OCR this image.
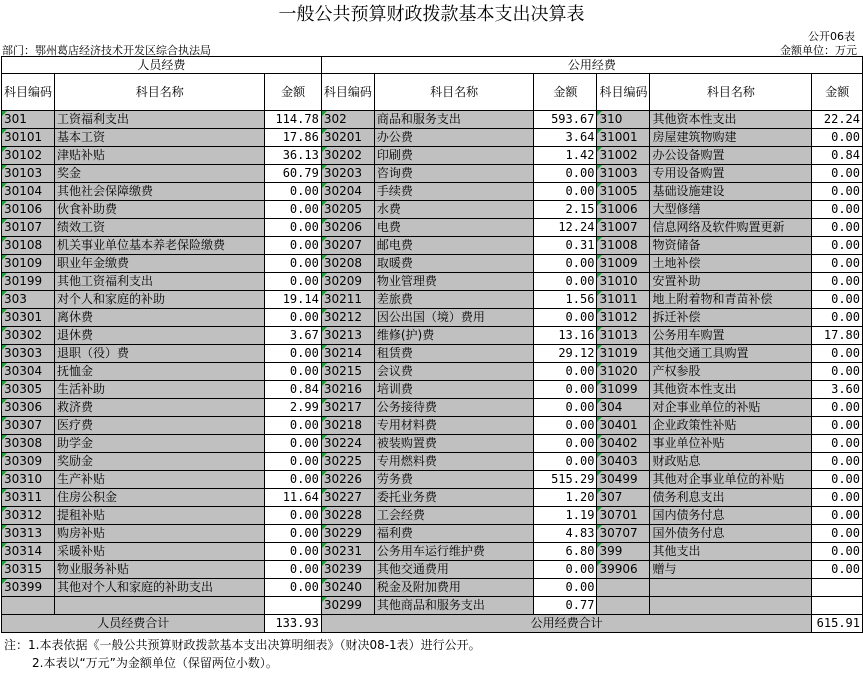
一般公共预算财政拨款基本支出决算表
公开06表
部门：鄂州葛店经济技术开发区综合执法局	金额单位：万元
人员经费			公用经费					
科目编码	科目名称	金额	科目编码	科目名称	金额	科目编码	科目名称	金额
301	工资福利支出	114.78	302	商品和服务支出	593.67	310	其他资本性支出	22.24
30101	基本工资	17.86	30201	办公费	3.64	31001	房屋建筑物购建	0.00
30102	津贴补贴	36.13	30202	印刷费	1.42	31002	办公设备购置	0.84
30103	奖金	60.79	30203	咨询费	0.00	31003	专用设备购置	0.00
30104	其他社会保障缴费	0.00	30204	手续费	0.00	31005	基础设施建设	0.00
30106	伙食补助费	0.00	30205	水费	2.15	31006	大型修缮	0.00
30107	绩效工资	0.00	30206	电费	12.24	31007	信息网络及软件购置更新	0.00
30108	机关事业单位基本养老保险缴费	0.00	30207	邮电费	0.31	31008	物资储备	0.00
30109	职业年金缴费	0.00	30208	取暖费	0.00	31009	土地补偿	0.00
30199	其他工资福利支出	0.00	30209	物业管理费	0.00	31010	安置补助	0.00
303	对个人和家庭的补助	19.14	30211	差旅费	1.56	31011	地上附着物和青苗补偿	0.00
30301	离休费	0.00	30212	因公出国（境）费用	0.00	31012	拆迁补偿	0.00
30302	退休费	3.67	30213	维修(护)费	13.16	31013	公务用车购置	17.80
30303	退职（役）费	0.00	30214	租赁费	29.12	31019	其他交通工具购置	0.00
30304	抚恤金	0.00	30215	会议费	0.00	31020	产权参股	0.00
30305	生活补助	0.84	30216	培训费	0.00	31099	其他资本性支出	3.60
30306	救济费	2.99	30217	公务接待费	0.00	304	对企事业单位的补贴	0.00
30307	医疗费	0.00	30218	专用材料费	0.00	30401	企业政策性补贴	0.00
30308	助学金	0.00	30224	被装购置费	0.00	30402	事业单位补贴	0.00
30309	奖励金	0.00	30225	专用燃料费	0.00	30403	财政贴息	0.00
30310	生产补贴	0.00	30226	劳务费	515.29	30499	其他对企事业单位的补贴	0.00
30311	住房公积金	11.64	30227	委托业务费	1.20	307	债务利息支出	0.00
30312	提租补贴	0.00	30228	工会经费	1.19	30701	国内债务付息	0.00
30313	购房补贴	0.00	30229	福利费	4.83	30707	国外债务付息	0.00
30314	采暖补贴	0.00	30231	公务用车运行维护费	6.80	399	其他支出	0.00
30315	物业服务补贴	0.00	30239	其他交通费用	0.00	39906	赠与	0.00
30399	其他对个人和家庭的补助支出	0.00	30240	税金及附加费用	0.00			
			30299	其他商品和服务支出	0.77			
人员经费合计		133.93	公用经费合计					615.91
注：1.本表依据《一般公共预算财政拨款基本支出决算明细表》（财决08-1表）进行公开。
2.本表以“万元”为金额单位（保留两位小数）。
